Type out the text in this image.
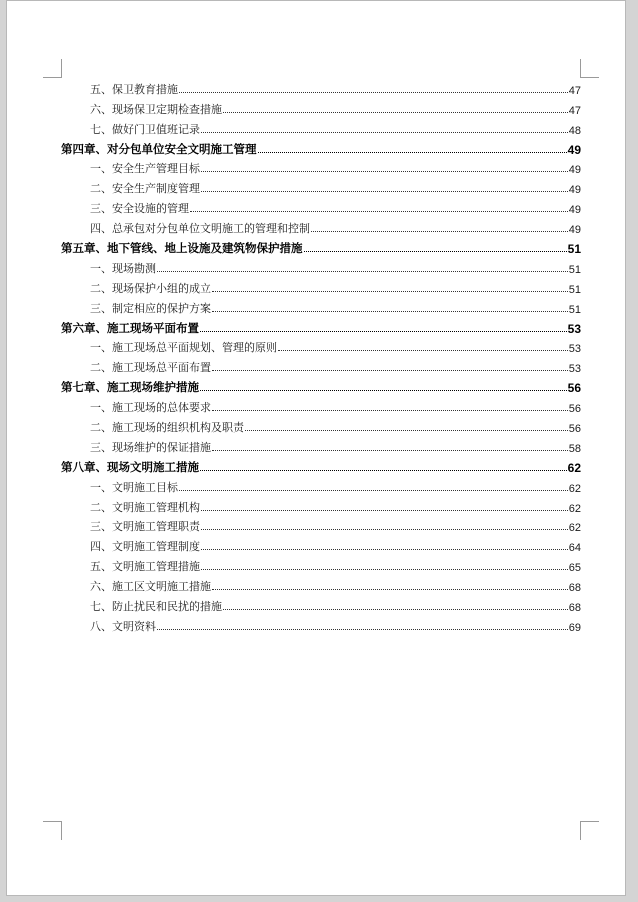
五、保卫教育措施	47
六、现场保卫定期检查措施	47
七、做好门卫值班记录	48
第四章、对分包单位安全文明施工管理	49
一、安全生产管理目标	49
二、安全生产制度管理	49
三、安全设施的管理	49
四、总承包对分包单位文明施工的管理和控制	49
第五章、地下管线、地上设施及建筑物保护措施	51
一、现场勘测	51
二、现场保护小组的成立	51
三、制定相应的保护方案	51
第六章、施工现场平面布置	53
一、施工现场总平面规划、管理的原则	53
二、施工现场总平面布置	53
第七章、施工现场维护措施	56
一、施工现场的总体要求	56
二、施工现场的组织机构及职责	56
三、现场维护的保证措施	58
第八章、现场文明施工措施	62
一、文明施工目标	62
二、文明施工管理机构	62
三、文明施工管理职责	62
四、文明施工管理制度	64
五、文明施工管理措施	65
六、施工区文明施工措施	68
七、防止扰民和民扰的措施	68
八、文明资料	69
